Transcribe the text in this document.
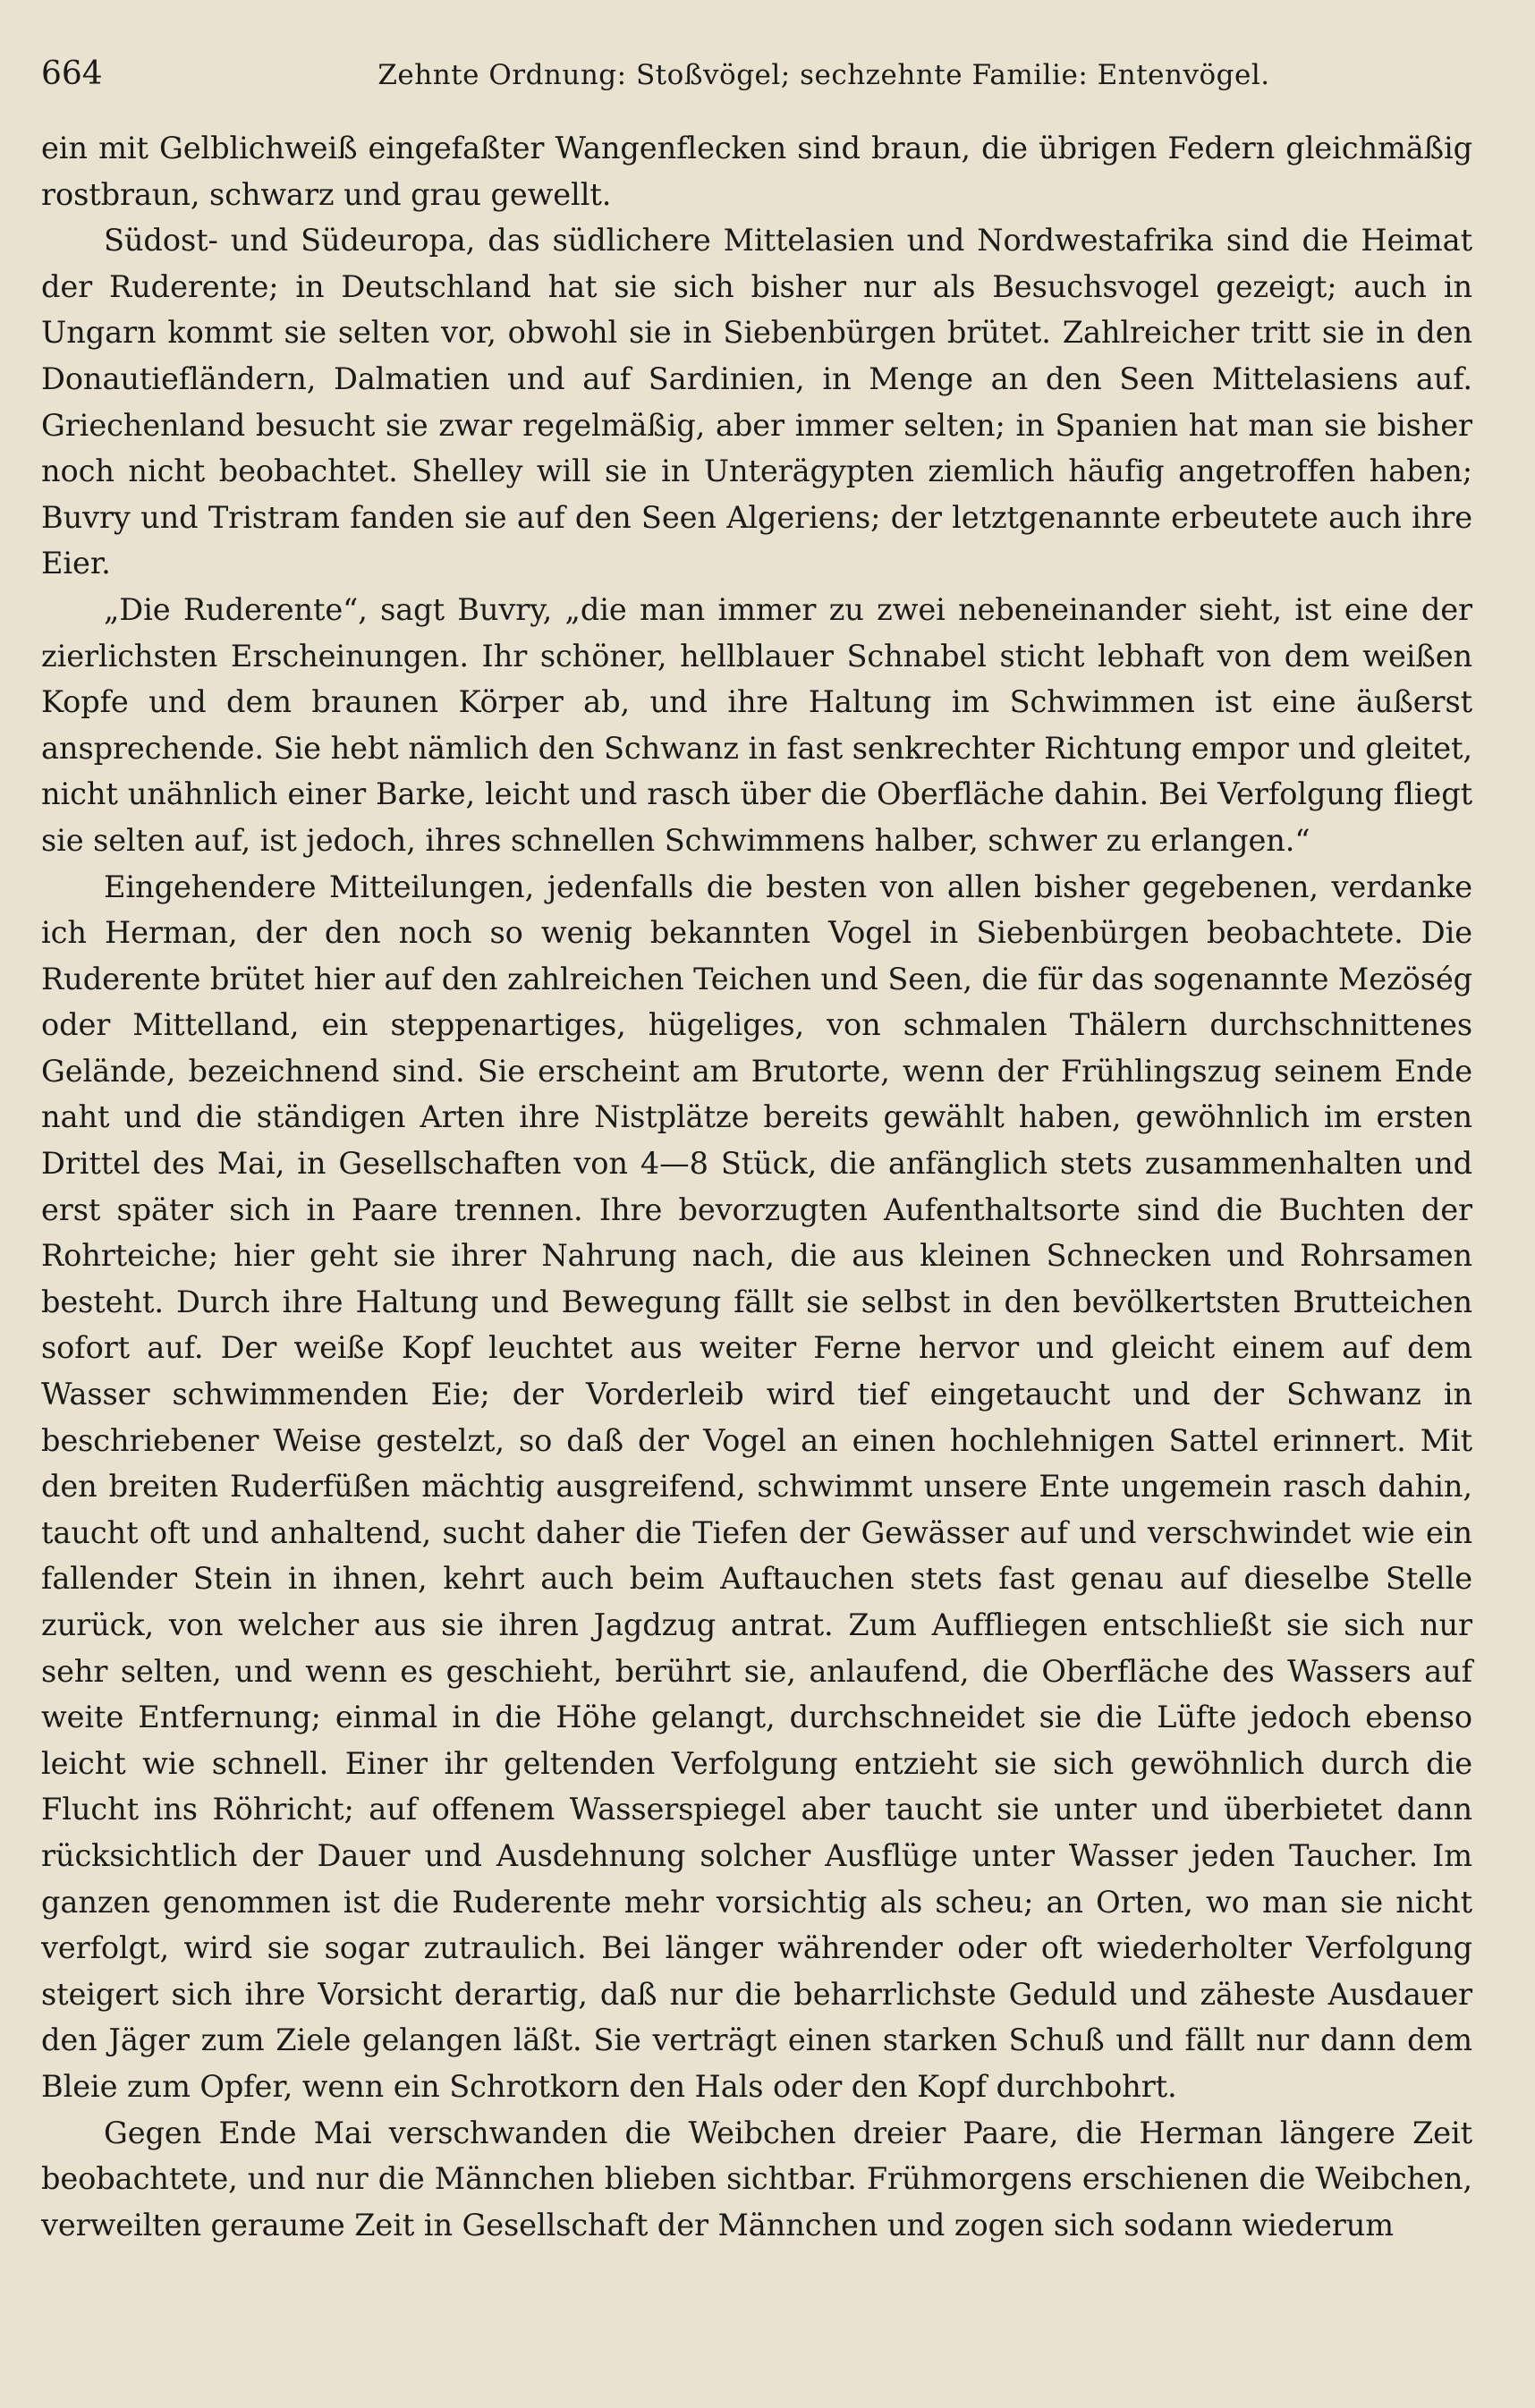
664	Zehnte Ordnung: Stoßvögel; sechzehnte Familie: Entenvögel.

ein mit Gelblichweiß eingefaßter Wangenflecken sind braun, die übrigen Federn gleichmäßig rostbraun, schwarz und grau gewellt.

Südost- und Südeuropa, das südlichere Mittelasien und Nordwestafrika sind die Heimat der Ruderente; in Deutschland hat sie sich bisher nur als Besuchsvogel gezeigt; auch in Ungarn kommt sie selten vor, obwohl sie in Siebenbürgen brütet. Zahlreicher tritt sie in den Donautiefländern, Dalmatien und auf Sardinien, in Menge an den Seen Mittelasiens auf. Griechenland besucht sie zwar regelmäßig, aber immer selten; in Spanien hat man sie bisher noch nicht beobachtet. Shelley will sie in Unterägypten ziemlich häufig angetroffen haben; Buvry und Tristram fanden sie auf den Seen Algeriens; der letztgenannte erbeutete auch ihre Eier.

„Die Ruderente“, sagt Buvry, „die man immer zu zwei nebeneinander sieht, ist eine der zierlichsten Erscheinungen. Ihr schöner, hellblauer Schnabel sticht lebhaft von dem weißen Kopfe und dem braunen Körper ab, und ihre Haltung im Schwimmen ist eine äußerst ansprechende. Sie hebt nämlich den Schwanz in fast senkrechter Richtung empor und gleitet, nicht unähnlich einer Barke, leicht und rasch über die Oberfläche dahin. Bei Verfolgung fliegt sie selten auf, ist jedoch, ihres schnellen Schwimmens halber, schwer zu erlangen.“

Eingehendere Mitteilungen, jedenfalls die besten von allen bisher gegebenen, verdanke ich Herman, der den noch so wenig bekannten Vogel in Siebenbürgen beobachtete. Die Ruderente brütet hier auf den zahlreichen Teichen und Seen, die für das sogenannte Mezöség oder Mittelland, ein steppenartiges, hügeliges, von schmalen Thälern durchschnittenes Gelände, bezeichnend sind. Sie erscheint am Brutorte, wenn der Frühlingszug seinem Ende naht und die ständigen Arten ihre Nistplätze bereits gewählt haben, gewöhnlich im ersten Drittel des Mai, in Gesellschaften von 4—8 Stück, die anfänglich stets zusammenhalten und erst später sich in Paare trennen. Ihre bevorzugten Aufenthaltsorte sind die Buchten der Rohrteiche; hier geht sie ihrer Nahrung nach, die aus kleinen Schnecken und Rohrsamen besteht. Durch ihre Haltung und Bewegung fällt sie selbst in den bevölkertsten Brutteichen sofort auf. Der weiße Kopf leuchtet aus weiter Ferne hervor und gleicht einem auf dem Wasser schwimmenden Eie; der Vorderleib wird tief eingetaucht und der Schwanz in beschriebener Weise gestelzt, so daß der Vogel an einen hochlehnigen Sattel erinnert. Mit den breiten Ruderfüßen mächtig ausgreifend, schwimmt unsere Ente ungemein rasch dahin, taucht oft und anhaltend, sucht daher die Tiefen der Gewässer auf und verschwindet wie ein fallender Stein in ihnen, kehrt auch beim Auftauchen stets fast genau auf dieselbe Stelle zurück, von welcher aus sie ihren Jagdzug antrat. Zum Auffliegen entschließt sie sich nur sehr selten, und wenn es geschieht, berührt sie, anlaufend, die Oberfläche des Wassers auf weite Entfernung; einmal in die Höhe gelangt, durchschneidet sie die Lüfte jedoch ebenso leicht wie schnell. Einer ihr geltenden Verfolgung entzieht sie sich gewöhnlich durch die Flucht ins Röhricht; auf offenem Wasserspiegel aber taucht sie unter und überbietet dann rücksichtlich der Dauer und Ausdehnung solcher Ausflüge unter Wasser jeden Taucher. Im ganzen genommen ist die Ruderente mehr vorsichtig als scheu; an Orten, wo man sie nicht verfolgt, wird sie sogar zutraulich. Bei länger währender oder oft wiederholter Verfolgung steigert sich ihre Vorsicht derartig, daß nur die beharrlichste Geduld und zäheste Ausdauer den Jäger zum Ziele gelangen läßt. Sie verträgt einen starken Schuß und fällt nur dann dem Bleie zum Opfer, wenn ein Schrotkorn den Hals oder den Kopf durchbohrt.

Gegen Ende Mai verschwanden die Weibchen dreier Paare, die Herman längere Zeit beobachtete, und nur die Männchen blieben sichtbar. Frühmorgens erschienen die Weibchen, verweilten geraume Zeit in Gesellschaft der Männchen und zogen sich sodann wiederum
